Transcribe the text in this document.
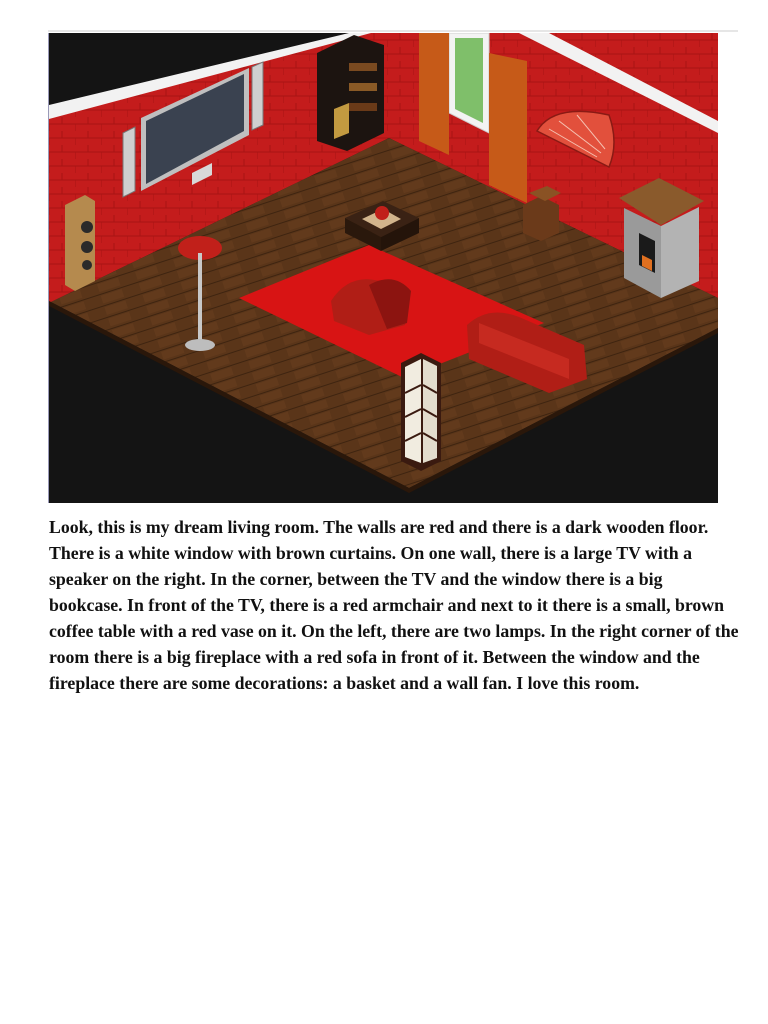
Look, this is my dream living room. The walls are red and there is a dark wooden floor. There is a white window with brown curtains. On one wall, there is a large TV with a speaker on the right. In the corner, between the TV and the window there is a big bookcase. In front of the TV, there is a red armchair and next to it there is a small, brown coffee table with a red vase on it. On the left, there are two lamps. In the right corner of the room there is a big fireplace with a red sofa in front of it. Between the window and the fireplace there are some decorations: a basket and a wall fan. I love this room.
